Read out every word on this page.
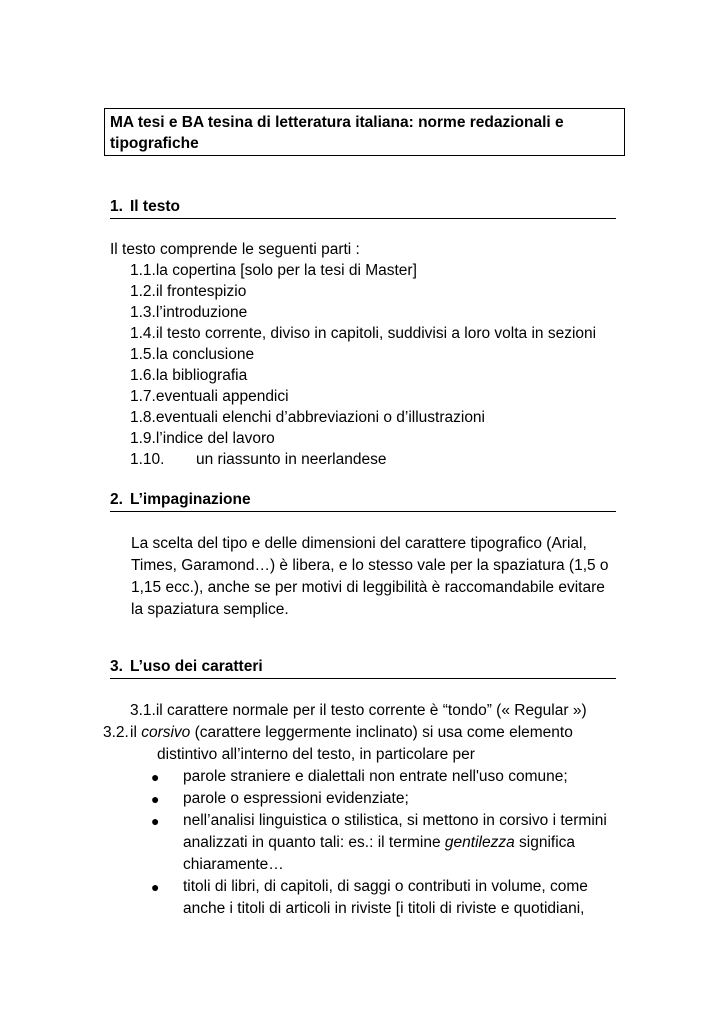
MA tesi e BA tesina di letteratura italiana: norme redazionali e tipografiche
1. Il testo
Il testo comprende le seguenti parti :
1.1.la copertina [solo per la tesi di Master]
1.2.il frontespizio
1.3.l’introduzione
1.4.il testo corrente, diviso in capitoli, suddivisi a loro volta in sezioni
1.5.la conclusione
1.6.la bibliografia
1.7.eventuali appendici
1.8.eventuali elenchi d’abbreviazioni o d’illustrazioni
1.9.l’indice del lavoro
1.10. un riassunto in neerlandese
2. L’impaginazione
La scelta del tipo e delle dimensioni del carattere tipografico (Arial, Times, Garamond…) è libera, e lo stesso vale per la spaziatura (1,5 o 1,15 ecc.), anche se per motivi di leggibilità è raccomandabile evitare la spaziatura semplice.
3. L’uso dei caratteri
3.1.il carattere normale per il testo corrente è “tondo” (« Regular »)
3.2.il corsivo (carattere leggermente inclinato) si usa come elemento distintivo all’interno del testo, in particolare per
● parole straniere e dialettali non entrate nell'uso comune;
● parole o espressioni evidenziate;
● nell’analisi linguistica o stilistica, si mettono in corsivo i termini analizzati in quanto tali: es.: il termine gentilezza significa chiaramente…
● titoli di libri, di capitoli, di saggi o contributi in volume, come anche i titoli di articoli in riviste [i titoli di riviste e quotidiani,
